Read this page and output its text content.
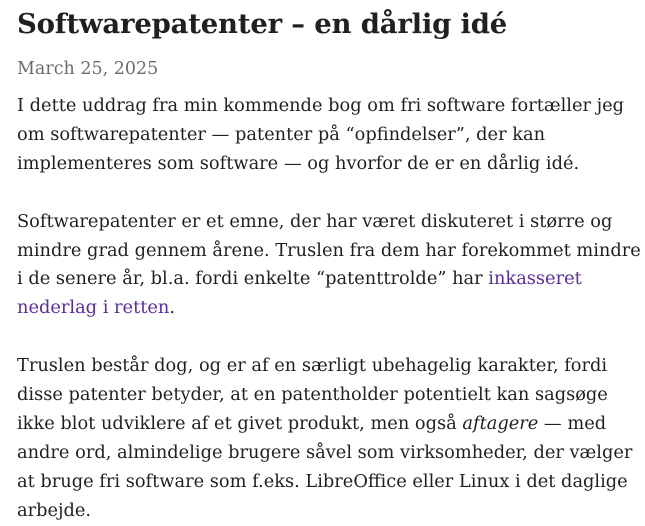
Softwarepatenter – en dårlig idé
March 25, 2025

I dette uddrag fra min kommende bog om fri software fortæller jeg om softwarepatenter — patenter på “opfindelser”, der kan implementeres som software — og hvorfor de er en dårlig idé.

Softwarepatenter er et emne, der har været diskuteret i større og mindre grad gennem årene. Truslen fra dem har forekommet mindre i de senere år, bl.a. fordi enkelte “patenttrolde” har inkasseret nederlag i retten.

Truslen består dog, og er af en særligt ubehagelig karakter, fordi disse patenter betyder, at en patentholder potentielt kan sagsøge ikke blot udviklere af et givet produkt, men også aftagere — med andre ord, almindelige brugere såvel som virksomheder, der vælger at bruge fri software som f.eks. LibreOffice eller Linux i det daglige arbejde.
